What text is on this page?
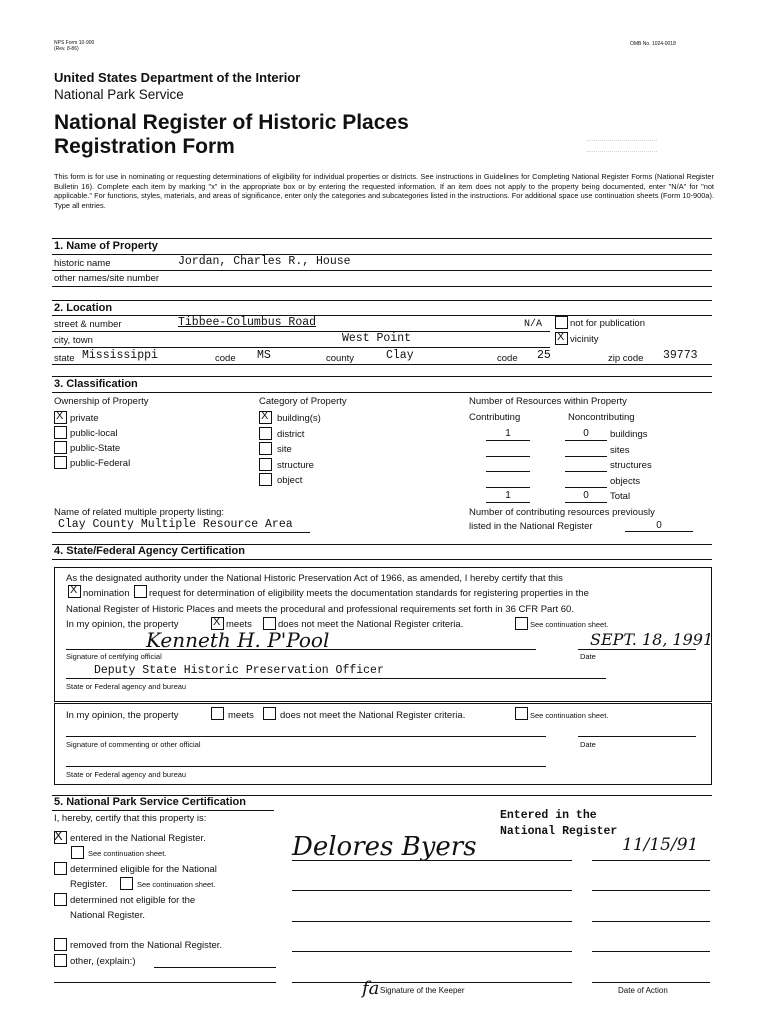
NPS Form 10-900
(Rev. 8-86)
OMB No. 1024-0018
United States Department of the Interior
National Park Service
National Register of Historic Places
Registration Form
This form is for use in nominating or requesting determinations of eligibility for individual properties or districts. See instructions in Guidelines for Completing National Register Forms (National Register Bulletin 16). Complete each item by marking "x" in the appropriate box or by entering the requested information. If an item does not apply to the property being documented, enter "N/A" for "not applicable." For functions, styles, materials, and areas of significance, enter only the categories and subcategories listed in the instructions. For additional space use continuation sheets (Form 10-900a). Type all entries.
1. Name of Property
historic name	Jordan, Charles R., House
other names/site number
2. Location
street & number	Tibbee-Columbus Road	N/A	not for publication
city, town	West Point	X vicinity
state Mississippi	code MS	county	Clay	code 25	zip code 39773
3. Classification
Ownership of Property
X private
public-local
public-State
public-Federal
Category of Property
X building(s)
district
site
structure
object
Number of Resources within Property
Contributing	Noncontributing
1	0	buildings
sites
structures
objects
1	0	Total
Name of related multiple property listing:
Clay County Multiple Resource Area
Number of contributing resources previously
listed in the National Register	0
4. State/Federal Agency Certification
As the designated authority under the National Historic Preservation Act of 1966, as amended, I hereby certify that this
X nomination request for determination of eligibility meets the documentation standards for registering properties in the
National Register of Historic Places and meets the procedural and professional requirements set forth in 36 CFR Part 60.
In my opinion, the property	X meets	does not meet the National Register criteria.	See continuation sheet.
Kenneth H. P'Pool	SEPT. 18, 1991
Signature of certifying official	Date
Deputy State Historic Preservation Officer
State or Federal agency and bureau
In my opinion, the property	meets	does not meet the National Register criteria.	See continuation sheet.
Signature of commenting or other official	Date
State or Federal agency and bureau
5. National Park Service Certification
I, hereby, certify that this property is:
X entered in the National Register.
See continuation sheet.
determined eligible for the National
Register.	See continuation sheet.
determined not eligible for the
National Register.
removed from the National Register.
other, (explain:)
Entered in the
National Register
Delores Byers	11/15/91
fa Signature of the Keeper	Date of Action
